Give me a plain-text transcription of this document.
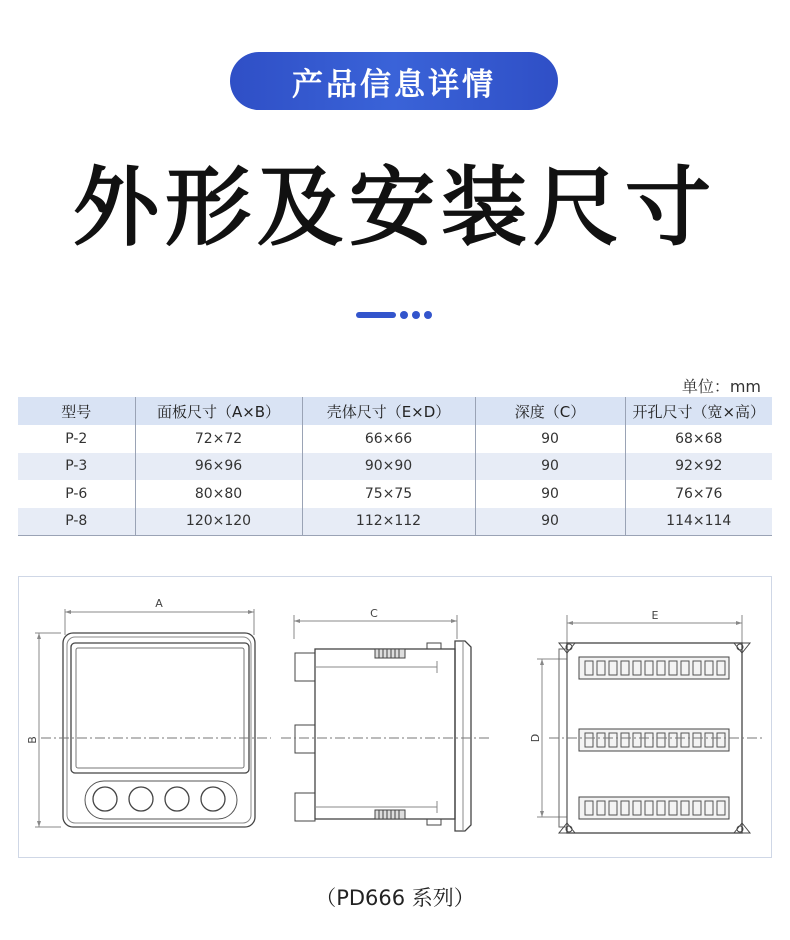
产品信息详情
外形及安装尺寸
单位：mm
型号	面板尺寸（A×B）	壳体尺寸（E×D）	深度（C）	开孔尺寸（宽×高）
P-2	72×72	66×66	90	68×68
P-3	96×96	90×90	90	92×92
P-6	80×80	75×75	90	76×76
P-8	120×120	112×112	90	114×114
A
B
C	E
D
（PD666 系列）
